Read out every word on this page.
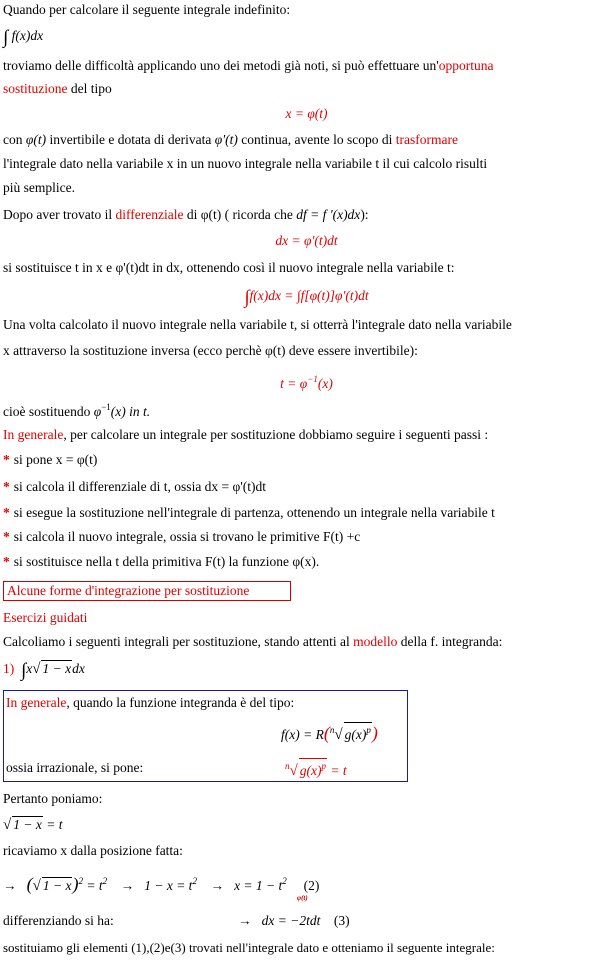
Quando per calcolare il seguente integrale indefinito:
∫ f(x)dx
troviamo delle difficoltà applicando uno dei metodi già noti, si può effettuare un'opportuna
sostituzione del tipo
x = φ(t)
con φ(t) invertibile e dotata di derivata φ'(t) continua, avente lo scopo di trasformare
l'integrale dato nella variabile x in un nuovo integrale nella variabile t il cui calcolo risulti
più semplice.
Dopo aver trovato il differenziale di φ(t) ( ricorda che df = f '(x)dx):
dx = φ'(t)dt
si sostituisce t in x e φ'(t)dt in dx, ottenendo così il nuovo integrale nella variabile t:
∫f(x)dx = ∫f[φ(t)]φ'(t)dt
Una volta calcolato il nuovo integrale nella variabile t, si otterrà l'integrale dato nella variabile
x attraverso la sostituzione inversa (ecco perchè φ(t) deve essere invertibile):
$t = \varphi^{-1}(x)$
cioè sostituendo $\varphi^{-1}(x)$ in t.
In generale, per calcolare un integrale per sostituzione dobbiamo seguire i seguenti passi :
* si pone x = φ(t)
* si calcola il differenziale di t, ossia dx = φ'(t)dt
* si esegue la sostituzione nell'integrale di partenza, ottenendo un integrale nella variabile t
* si calcola il nuovo integrale, ossia si trovano le primitive F(t) +c
* si sostituisce nella t della primitiva F(t) la funzione φ(x).
Alcune forme d'integrazione per sostituzione
Esercizi guidati
Calcoliamo i seguenti integrali per sostituzione, stando attenti al modello della f. integranda:
1) ∫x√ 1 − xdx
In generale, quando la funzione integranda è del tipo:
f(x) = R($^n$√ $g(x)^p$)
ossia irrazionale, si pone:	$^n$√ $g(x)^p = t$
Pertanto poniamo:
√ 1 − x = t
ricaviamo x dalla posizione fatta:
→ (√ $1 - x)^2 = t^2 \to 1 - x = t^2 \to x = 1 - t^2$ (2)
φ(t)
differenziando si ha:	→ dx = −2tdt (3)
sostituiamo gli elementi (1),(2)e(3) trovati nell'integrale dato e otteniamo il seguente integrale:
